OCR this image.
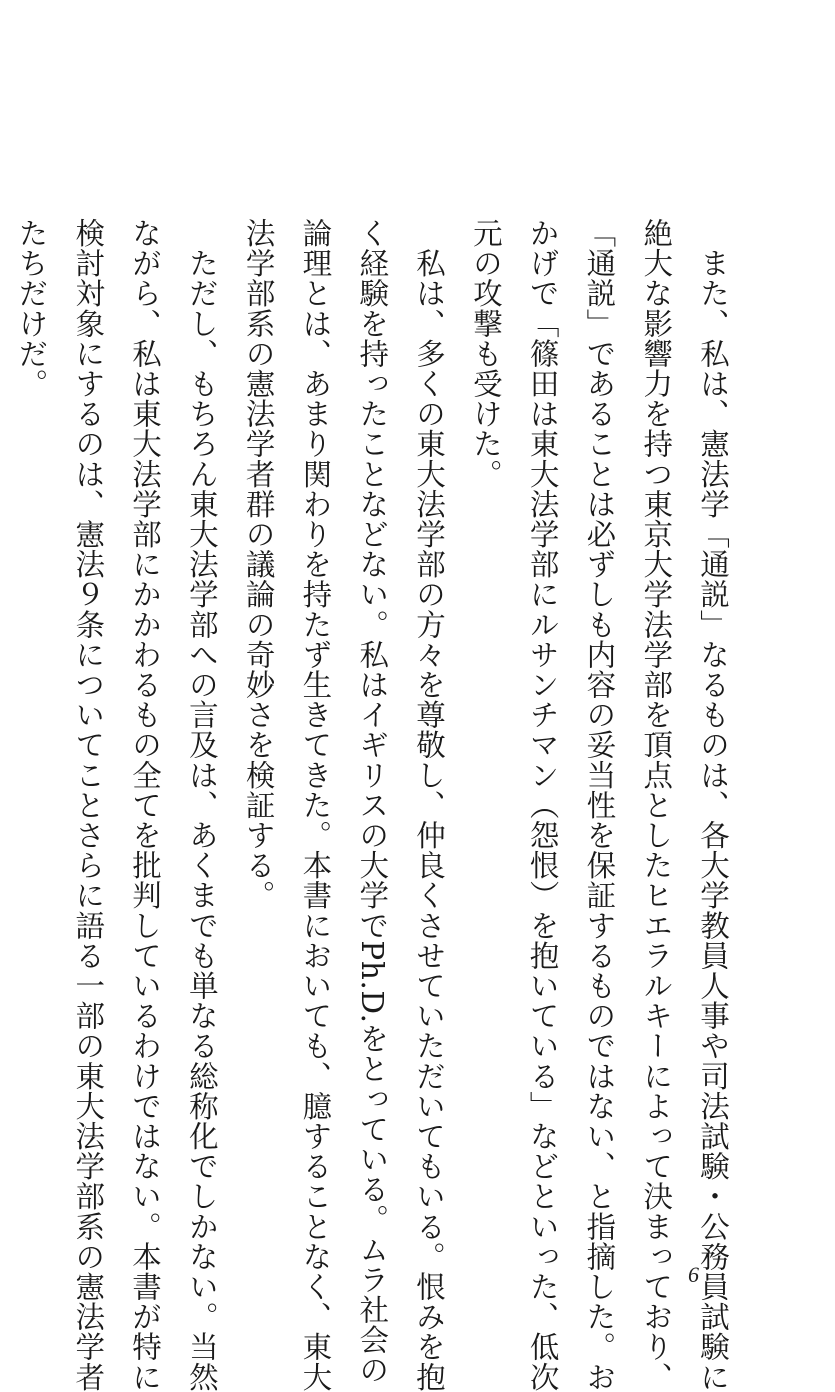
　また、私は、憲法学「通説」なるものは、各大学教員人事や司法試験・公務員試験に
絶大な影響力を持つ東京大学法学部を頂点としたヒエラルキーによって決まっており、
「通説」であることは必ずしも内容の妥当性を保証するものではない、と指摘した。お
かげで「篠田は東大法学部にルサンチマン（怨恨）を抱いている」などといった、低次
元の攻撃も受けた。
　私は、多くの東大法学部の方々を尊敬し、仲良くさせていただいてもいる。恨みを抱
く経験を持ったことなどない。私はイギリスの大学でPh.D.をとっている。ムラ社会の
論理とは、あまり関わりを持たず生きてきた。本書においても、臆することなく、東大
法学部系の憲法学者群の議論の奇妙さを検証する。
　ただし、もちろん東大法学部への言及は、あくまでも単なる総称化でしかない。当然
ながら、私は東大法学部にかかわるもの全てを批判しているわけではない。本書が特に
検討対象にするのは、憲法９条についてことさらに語る一部の東大法学部系の憲法学者
たちだけだ。
6
